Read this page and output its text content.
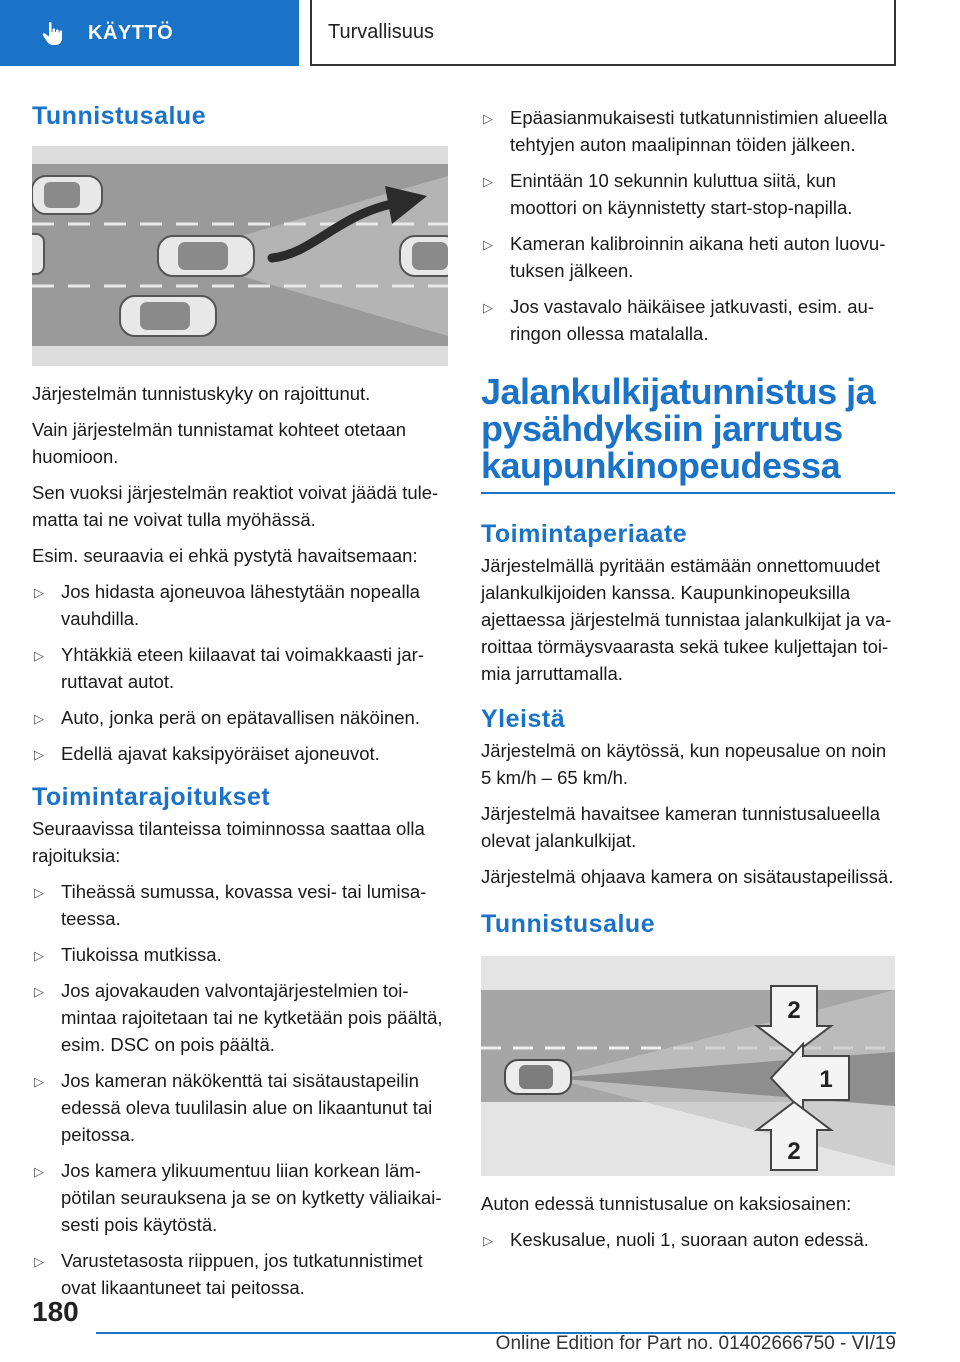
KÄYTTÖ	Turvallisuus
Tunnistusalue

Järjestelmän tunnistuskyky on rajoittunut.

Vain järjestelmän tunnistamat kohteet otetaan huomioon.

Sen vuoksi järjestelmän reaktiot voivat jäädä tulematta tai ne voivat tulla myöhässä.

Esim. seuraavia ei ehkä pystytä havaitsemaan:

▷ Jos hidasta ajoneuvoa lähestytään nopealla vauhdilla.
▷ Yhtäkkiä eteen kiilaavat tai voimakkaasti jarruttavat autot.
▷ Auto, jonka perä on epätavallisen näköinen.
▷ Edellä ajavat kaksipyöräiset ajoneuvot.
Toimintarajoitukset

Seuraavissa tilanteissa toiminnossa saattaa olla rajoituksia:

▷ Tiheässä sumussa, kovassa vesi- tai lumisateessa.
▷ Tiukoissa mutkissa.
▷ Jos ajovakauden valvontajärjestelmien toimintaa rajoitetaan tai ne kytketään pois päältä, esim. DSC on pois päältä.
▷ Jos kameran näkökenttä tai sisätaustapeilin edessä oleva tuulilasin alue on likaantunut tai peitossa.
▷ Jos kamera ylikuumentuu liian korkean lämpötilan seurauksena ja se on kytketty väliaikaisesti pois käytöstä.
▷ Varustetasosta riippuen, jos tutkatunnistimet ovat likaantuneet tai peitossa.
▷ Epäasianmukaisesti tutkatunnistimien alueella tehtyjen auton maalipinnan töiden jälkeen.
▷ Enintään 10 sekunnin kuluttua siitä, kun moottori on käynnistetty start-stop-napilla.
▷ Kameran kalibroinnin aikana heti auton luovutuksen jälkeen.
▷ Jos vastavalo häikäisee jatkuvasti, esim. auringon ollessa matalalla.
Jalankulkijatunnistus ja pysähdyksiin jarrutus kaupunkinopeudessa
Toimintaperiaate

Järjestelmällä pyritään estämään onnettomuudet jalankulkijoiden kanssa. Kaupunkinopeuksilla ajettaessa järjestelmä tunnistaa jalankulkijat ja varoittaa törmäysvaarasta sekä tukee kuljettajan toimia jarruttamalla.

Yleistä

Järjestelmä on käytössä, kun nopeusalue on noin 5 km/h – 65 km/h.

Järjestelmä havaitsee kameran tunnistusalueella olevat jalankulkijat.

Järjestelmä ohjaava kamera on sisätaustapeilissä.

Tunnistusalue
2
1
2

Auton edessä tunnistusalue on kaksiosainen:

▷ Keskusalue, nuoli 1, suoraan auton edessä.
180
Online Edition for Part no. 01402666750 - VI/19
